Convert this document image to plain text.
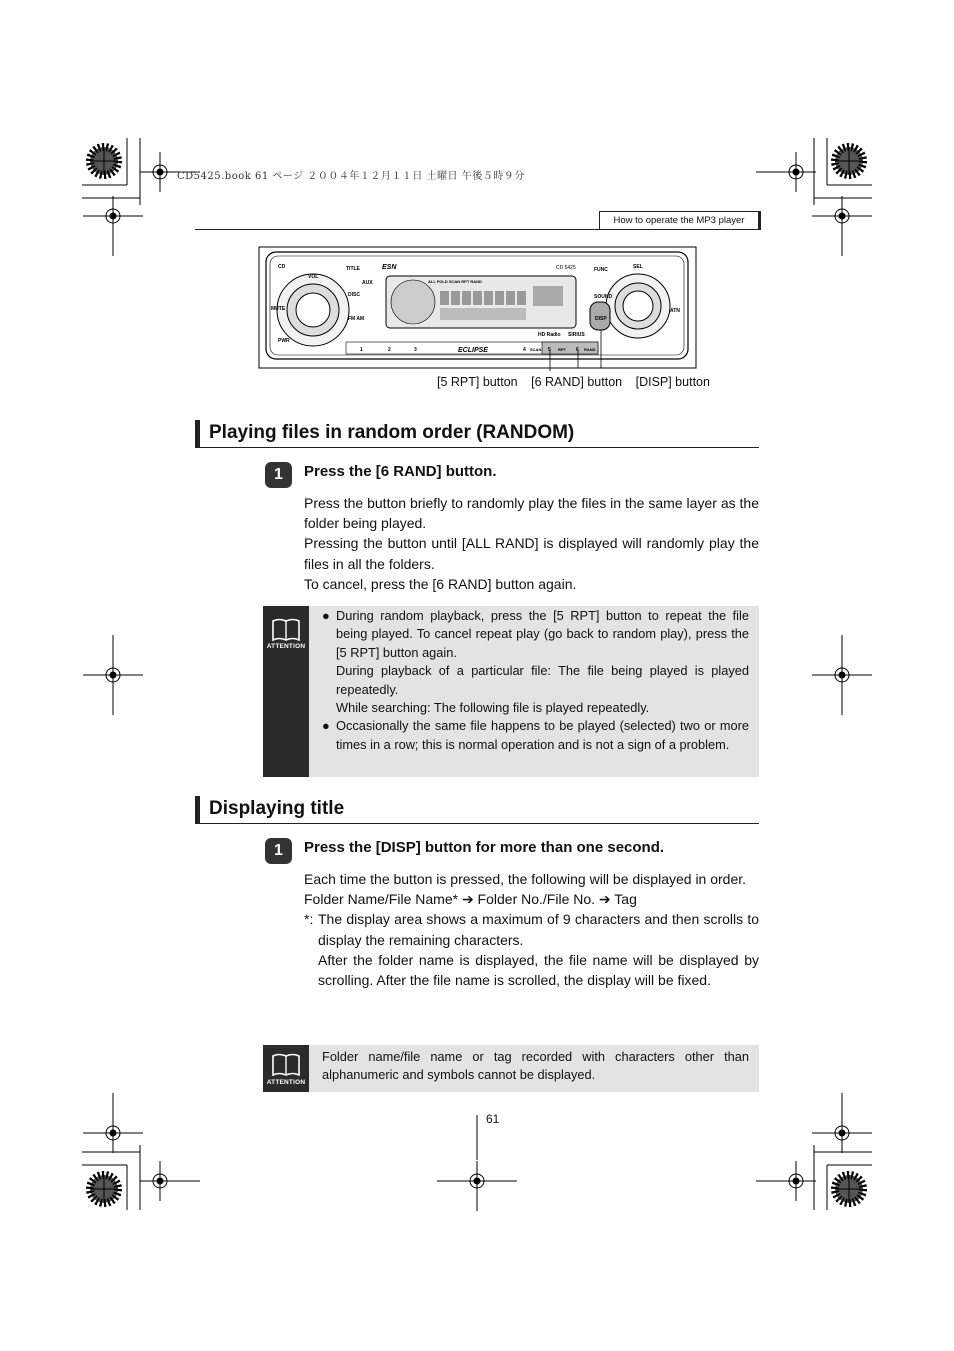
CD5425.book 61 ページ ２００４年１２月１１日 土曜日 午後５時９分
How to operate the MP3 player
CD
VOL
TITLE
AUX
DISC
MUTE
FM AM
PWR
ESN	CD 5425
ALL FOLD SCAN RPT RAND
FUNC	SEL
SOUND
DISP
ATN
HD Radio SIRIUS
ECLIPSE
1	2	3	4 SCAN 5 RPT 6 RAND
[5 RPT] button [6 RAND] button [DISP] button
Playing files in random order (RANDOM)
1	Press the [6 RAND] button.

Press the button briefly to randomly play the files in the same layer as the folder being played.

Pressing the button until [ALL RAND] is displayed will randomly play the files in all the folders.

To cancel, press the [6 RAND] button again.

ATTENTION
● During random playback, press the [5 RPT] button to repeat the file being played. To cancel repeat play (go back to random play), press the [5 RPT] button again.
During playback of a particular file: The file being played is played repeatedly.
While searching: The following file is played repeatedly.
● Occasionally the same file happens to be played (selected) two or more times in a row; this is normal operation and is not a sign of a problem.
Displaying title
1	Press the [DISP] button for more than one second.

Each time the button is pressed, the following will be displayed in order.

Folder Name/File Name* ➔ Folder No./File No. ➔ Tag

*: The display area shows a maximum of 9 characters and then scrolls to display the remaining characters.

After the folder name is displayed, the file name will be displayed by scrolling. After the file name is scrolled, the display will be fixed.

ATTENTION
Folder name/file name or tag recorded with characters other than alphanumeric and symbols cannot be displayed.
61
